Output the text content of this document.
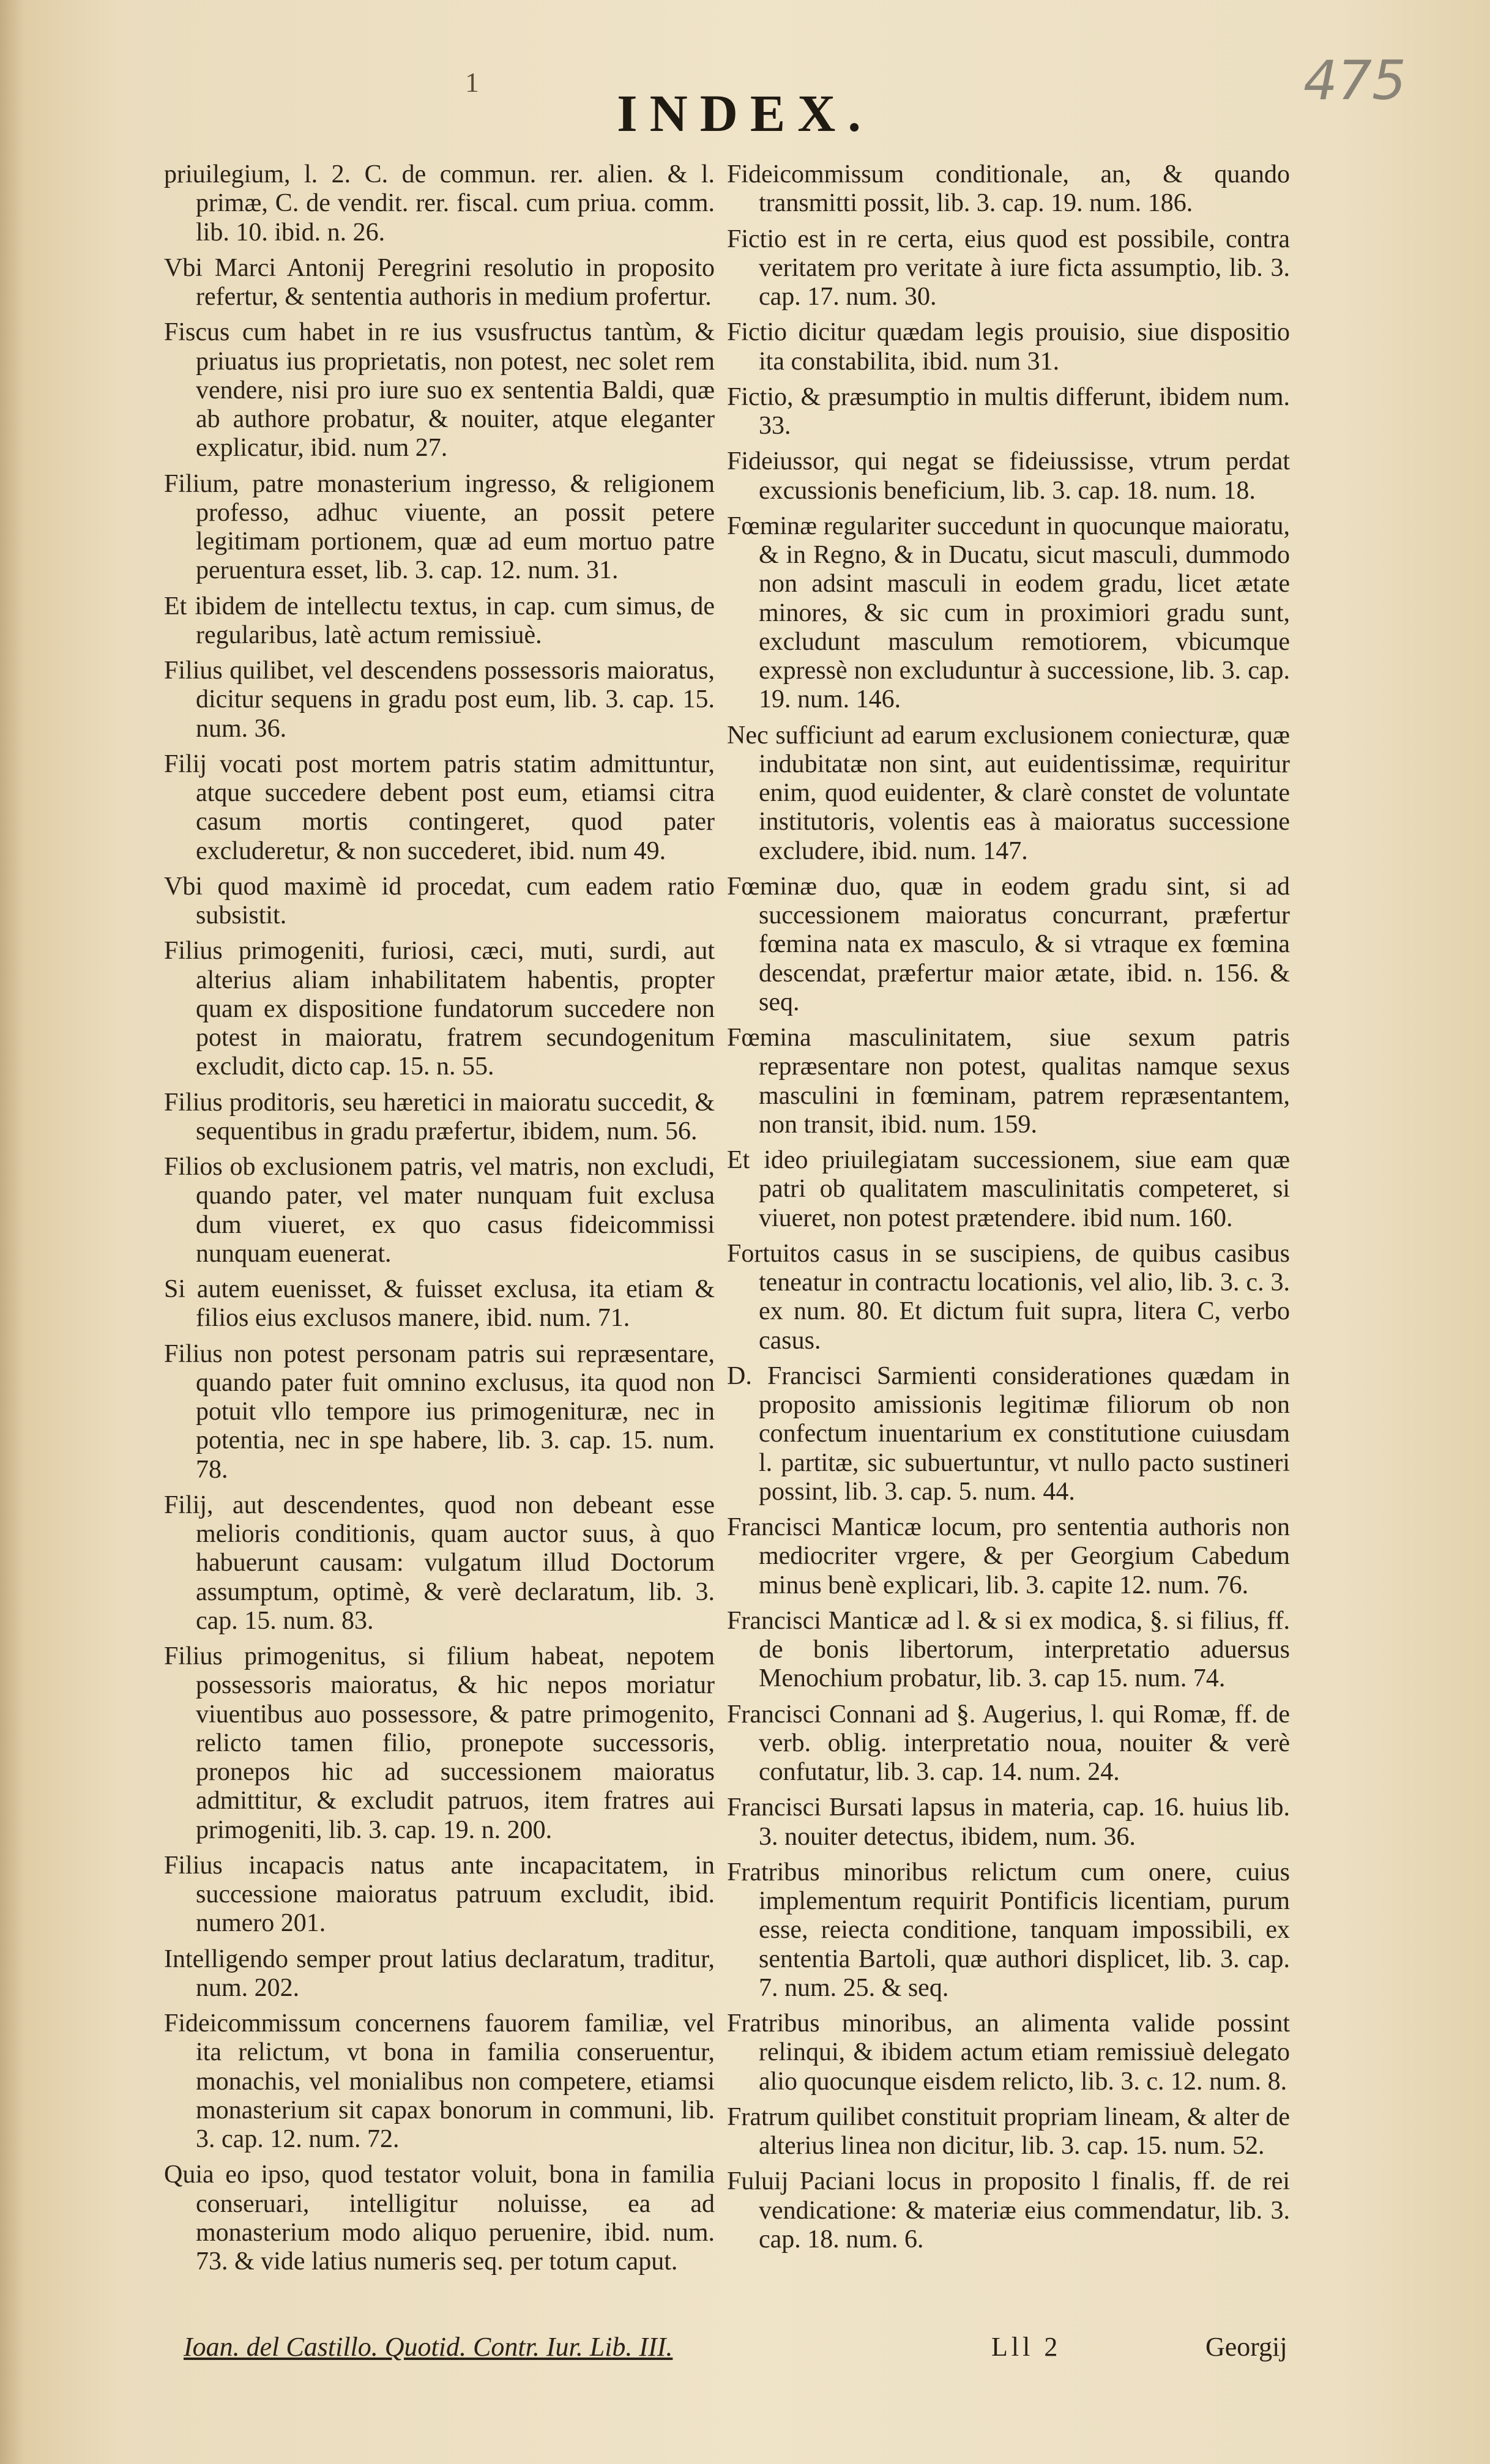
1	475
INDEX.
priuilegium, l. 2. C. de commun. rer. alien. & l. primæ, C. de vendit. rer. fiscal. cum priua. comm. lib. 10. ibid. n. 26.
Vbi Marci Antonij Peregrini resolutio in proposito refertur, & sententia authoris in medium profertur.
Fiscus cum habet in re ius vsusfructus tantùm, & priuatus ius proprietatis, non potest, nec solet rem vendere, nisi pro iure suo ex sententia Baldi, quæ ab authore probatur, & nouiter, atque eleganter explicatur, ibid. num 27.
Filium, patre monasterium ingresso, & religionem professo, adhuc viuente, an possit petere legitimam portionem, quæ ad eum mortuo patre peruentura esset, lib. 3. cap. 12. num. 31.
Et ibidem de intellectu textus, in cap. cum simus, de regularibus, latè actum remissiuè.
Filius quilibet, vel descendens possessoris maioratus, dicitur sequens in gradu post eum, lib. 3. cap. 15. num. 36.
Filij vocati post mortem patris statim admittuntur, atque succedere debent post eum, etiamsi citra casum mortis contingeret, quod pater excluderetur, & non succederet, ibid. num 49.
Vbi quod maximè id procedat, cum eadem ratio subsistit.
Filius primogeniti, furiosi, cæci, muti, surdi, aut alterius aliam inhabilitatem habentis, propter quam ex dispositione fundatorum succedere non potest in maioratu, fratrem secundogenitum excludit, dicto cap. 15. n. 55.
Filius proditoris, seu hæretici in maioratu succedit, & sequentibus in gradu præfertur, ibidem, num. 56.
Filios ob exclusionem patris, vel matris, non excludi, quando pater, vel mater nunquam fuit exclusa dum viueret, ex quo casus fideicommissi nunquam euenerat.
Si autem euenisset, & fuisset exclusa, ita etiam & filios eius exclusos manere, ibid. num. 71.
Filius non potest personam patris sui repræsentare, quando pater fuit omnino exclusus, ita quod non potuit vllo tempore ius primogenituræ, nec in potentia, nec in spe habere, lib. 3. cap. 15. num. 78.
Filij, aut descendentes, quod non debeant esse melioris conditionis, quam auctor suus, à quo habuerunt causam: vulgatum illud Doctorum assumptum, optimè, & verè declaratum, lib. 3. cap. 15. num. 83.
Filius primogenitus, si filium habeat, nepotem possessoris maioratus, & hic nepos moriatur viuentibus auo possessore, & patre primogenito, relicto tamen filio, pronepote successoris, pronepos hic ad successionem maioratus admittitur, & excludit patruos, item fratres aui primogeniti, lib. 3. cap. 19. n. 200.
Filius incapacis natus ante incapacitatem, in successione maioratus patruum excludit, ibid. numero 201.
Intelligendo semper prout latius declaratum, traditur, num. 202.
Fideicommissum concernens fauorem familiæ, vel ita relictum, vt bona in familia conseruentur, monachis, vel monialibus non competere, etiamsi monasterium sit capax bonorum in communi, lib. 3. cap. 12. num. 72.
Quia eo ipso, quod testator voluit, bona in familia conseruari, intelligitur noluisse, ea ad monasterium modo aliquo peruenire, ibid. num. 73. & vide latius numeris seq. per totum caput.
Fideicommissum conditionale, an, & quando transmitti possit, lib. 3. cap. 19. num. 186.
Fictio est in re certa, eius quod est possibile, contra veritatem pro veritate à iure ficta assumptio, lib. 3. cap. 17. num. 30.
Fictio dicitur quædam legis prouisio, siue dispositio ita constabilita, ibid. num 31.
Fictio, & præsumptio in multis differunt, ibidem num. 33.
Fideiussor, qui negat se fideiussisse, vtrum perdat excussionis beneficium, lib. 3. cap. 18. num. 18.
Fœminæ regulariter succedunt in quocunque maioratu, & in Regno, & in Ducatu, sicut masculi, dummodo non adsint masculi in eodem gradu, licet ætate minores, & sic cum in proximiori gradu sunt, excludunt masculum remotiorem, vbicumque expressè non excluduntur à successione, lib. 3. cap. 19. num. 146.
Nec sufficiunt ad earum exclusionem coniecturæ, quæ indubitatæ non sint, aut euidentissimæ, requiritur enim, quod euidenter, & clarè constet de voluntate institutoris, volentis eas à maioratus successione excludere, ibid. num. 147.
Fœminæ duo, quæ in eodem gradu sint, si ad successionem maioratus concurrant, præfertur fœmina nata ex masculo, & si vtraque ex fœmina descendat, præfertur maior ætate, ibid. n. 156. & seq.
Fœmina masculinitatem, siue sexum patris repræsentare non potest, qualitas namque sexus masculini in fœminam, patrem repræsentantem, non transit, ibid. num. 159.
Et ideo priuilegiatam successionem, siue eam quæ patri ob qualitatem masculinitatis competeret, si viueret, non potest prætendere. ibid num. 160.
Fortuitos casus in se suscipiens, de quibus casibus teneatur in contractu locationis, vel alio, lib. 3. c. 3. ex num. 80. Et dictum fuit supra, litera C, verbo casus.
D. Francisci Sarmienti considerationes quædam in proposito amissionis legitimæ filiorum ob non confectum inuentarium ex constitutione cuiusdam l. partitæ, sic subuertuntur, vt nullo pacto sustineri possint, lib. 3. cap. 5. num. 44.
Francisci Manticæ locum, pro sententia authoris non mediocriter vrgere, & per Georgium Cabedum minus benè explicari, lib. 3. capite 12. num. 76.
Francisci Manticæ ad l. & si ex modica, §. si filius, ff. de bonis libertorum, interpretatio aduersus Menochium probatur, lib. 3. cap 15. num. 74.
Francisci Connani ad §. Augerius, l. qui Romæ, ff. de verb. oblig. interpretatio noua, nouiter & verè confutatur, lib. 3. cap. 14. num. 24.
Francisci Bursati lapsus in materia, cap. 16. huius lib. 3. nouiter detectus, ibidem, num. 36.
Fratribus minoribus relictum cum onere, cuius implementum requirit Pontificis licentiam, purum esse, reiecta conditione, tanquam impossibili, ex sententia Bartoli, quæ authori displicet, lib. 3. cap. 7. num. 25. & seq.
Fratribus minoribus, an alimenta valide possint relinqui, & ibidem actum etiam remissiuè delegato alio quocunque eisdem relicto, lib. 3. c. 12. num. 8.
Fratrum quilibet constituit propriam lineam, & alter de alterius linea non dicitur, lib. 3. cap. 15. num. 52.
Fuluij Paciani locus in proposito l finalis, ff. de rei vendicatione: & materiæ eius commendatur, lib. 3. cap. 18. num. 6.
Ioan. del Castillo. Quotid. Contr. Iur. Lib. III.	Lll 2	Georgij
